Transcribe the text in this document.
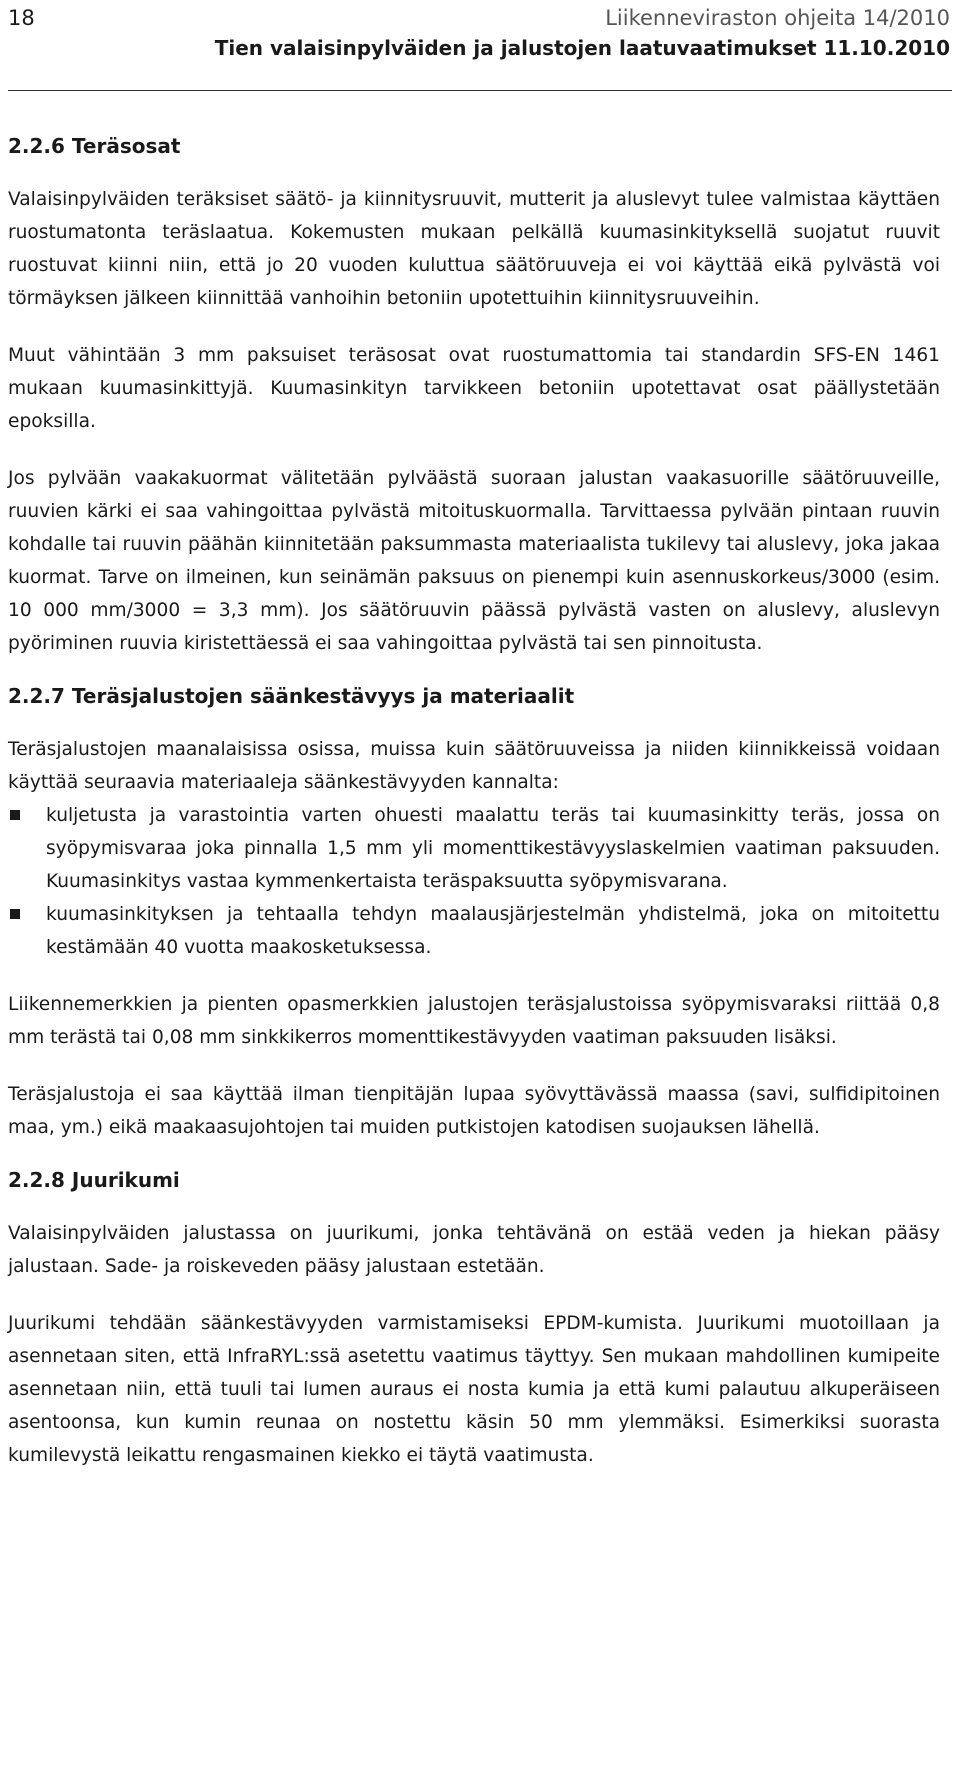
18	Liikenneviraston ohjeita 14/2010
Tien valaisinpylväiden ja jalustojen laatuvaatimukset 11.10.2010
2.2.6 Teräsosat

Valaisinpylväiden teräksiset säätö- ja kiinnitysruuvit, mutterit ja aluslevyt tulee valmistaa käyttäen ruostumatonta teräslaatua. Kokemusten mukaan pelkällä kuumasinkityksellä suojatut ruuvit ruostuvat kiinni niin, että jo 20 vuoden kuluttua säätöruuveja ei voi käyttää eikä pylvästä voi törmäyksen jälkeen kiinnittää vanhoihin betoniin upotettuihin kiinnitysruuveihin.

Muut vähintään 3 mm paksuiset teräsosat ovat ruostumattomia tai standardin SFS-EN 1461 mukaan kuumasinkittyjä. Kuumasinkityn tarvikkeen betoniin upotettavat osat päällystetään epoksilla.

Jos pylvään vaakakuormat välitetään pylväästä suoraan jalustan vaakasuorille säätöruuveille, ruuvien kärki ei saa vahingoittaa pylvästä mitoituskuormalla. Tarvittaessa pylvään pintaan ruuvin kohdalle tai ruuvin päähän kiinnitetään paksummasta materiaalista tukilevy tai aluslevy, joka jakaa kuormat. Tarve on ilmeinen, kun seinämän paksuus on pienempi kuin asennuskorkeus/3000 (esim. 10 000 mm/3000 = 3,3 mm). Jos säätöruuvin päässä pylvästä vasten on aluslevy, aluslevyn pyöriminen ruuvia kiristettäessä ei saa vahingoittaa pylvästä tai sen pinnoitusta.

2.2.7 Teräsjalustojen säänkestävyys ja materiaalit

Teräsjalustojen maanalaisissa osissa, muissa kuin säätöruuveissa ja niiden kiinnikkeissä voidaan käyttää seuraavia materiaaleja säänkestävyyden kannalta:

kuljetusta ja varastointia varten ohuesti maalattu teräs tai kuumasinkitty teräs, jossa on syöpymisvaraa joka pinnalla 1,5 mm yli momenttikestävyyslaskelmien vaatiman paksuuden. Kuumasinkitys vastaa kymmenkertaista teräspaksuutta syöpymisvarana.
kuumasinkityksen ja tehtaalla tehdyn maalausjärjestelmän yhdistelmä, joka on mitoitettu kestämään 40 vuotta maakosketuksessa.

Liikennemerkkien ja pienten opasmerkkien jalustojen teräsjalustoissa syöpymisvaraksi riittää 0,8 mm terästä tai 0,08 mm sinkkikerros momenttikestävyyden vaatiman paksuuden lisäksi.

Teräsjalustoja ei saa käyttää ilman tienpitäjän lupaa syövyttävässä maassa (savi, sulfidipitoinen maa, ym.) eikä maakaasujohtojen tai muiden putkistojen katodisen suojauksen lähellä.

2.2.8 Juurikumi

Valaisinpylväiden jalustassa on juurikumi, jonka tehtävänä on estää veden ja hiekan pääsy jalustaan. Sade- ja roiskeveden pääsy jalustaan estetään.

Juurikumi tehdään säänkestävyyden varmistamiseksi EPDM-kumista. Juurikumi muotoillaan ja asennetaan siten, että InfraRYL:ssä asetettu vaatimus täyttyy. Sen mukaan mahdollinen kumipeite asennetaan niin, että tuuli tai lumen auraus ei nosta kumia ja että kumi palautuu alkuperäiseen asentoonsa, kun kumin reunaa on nostettu käsin 50 mm ylemmäksi. Esimerkiksi suorasta kumilevystä leikattu rengasmainen kiekko ei täytä vaatimusta.
